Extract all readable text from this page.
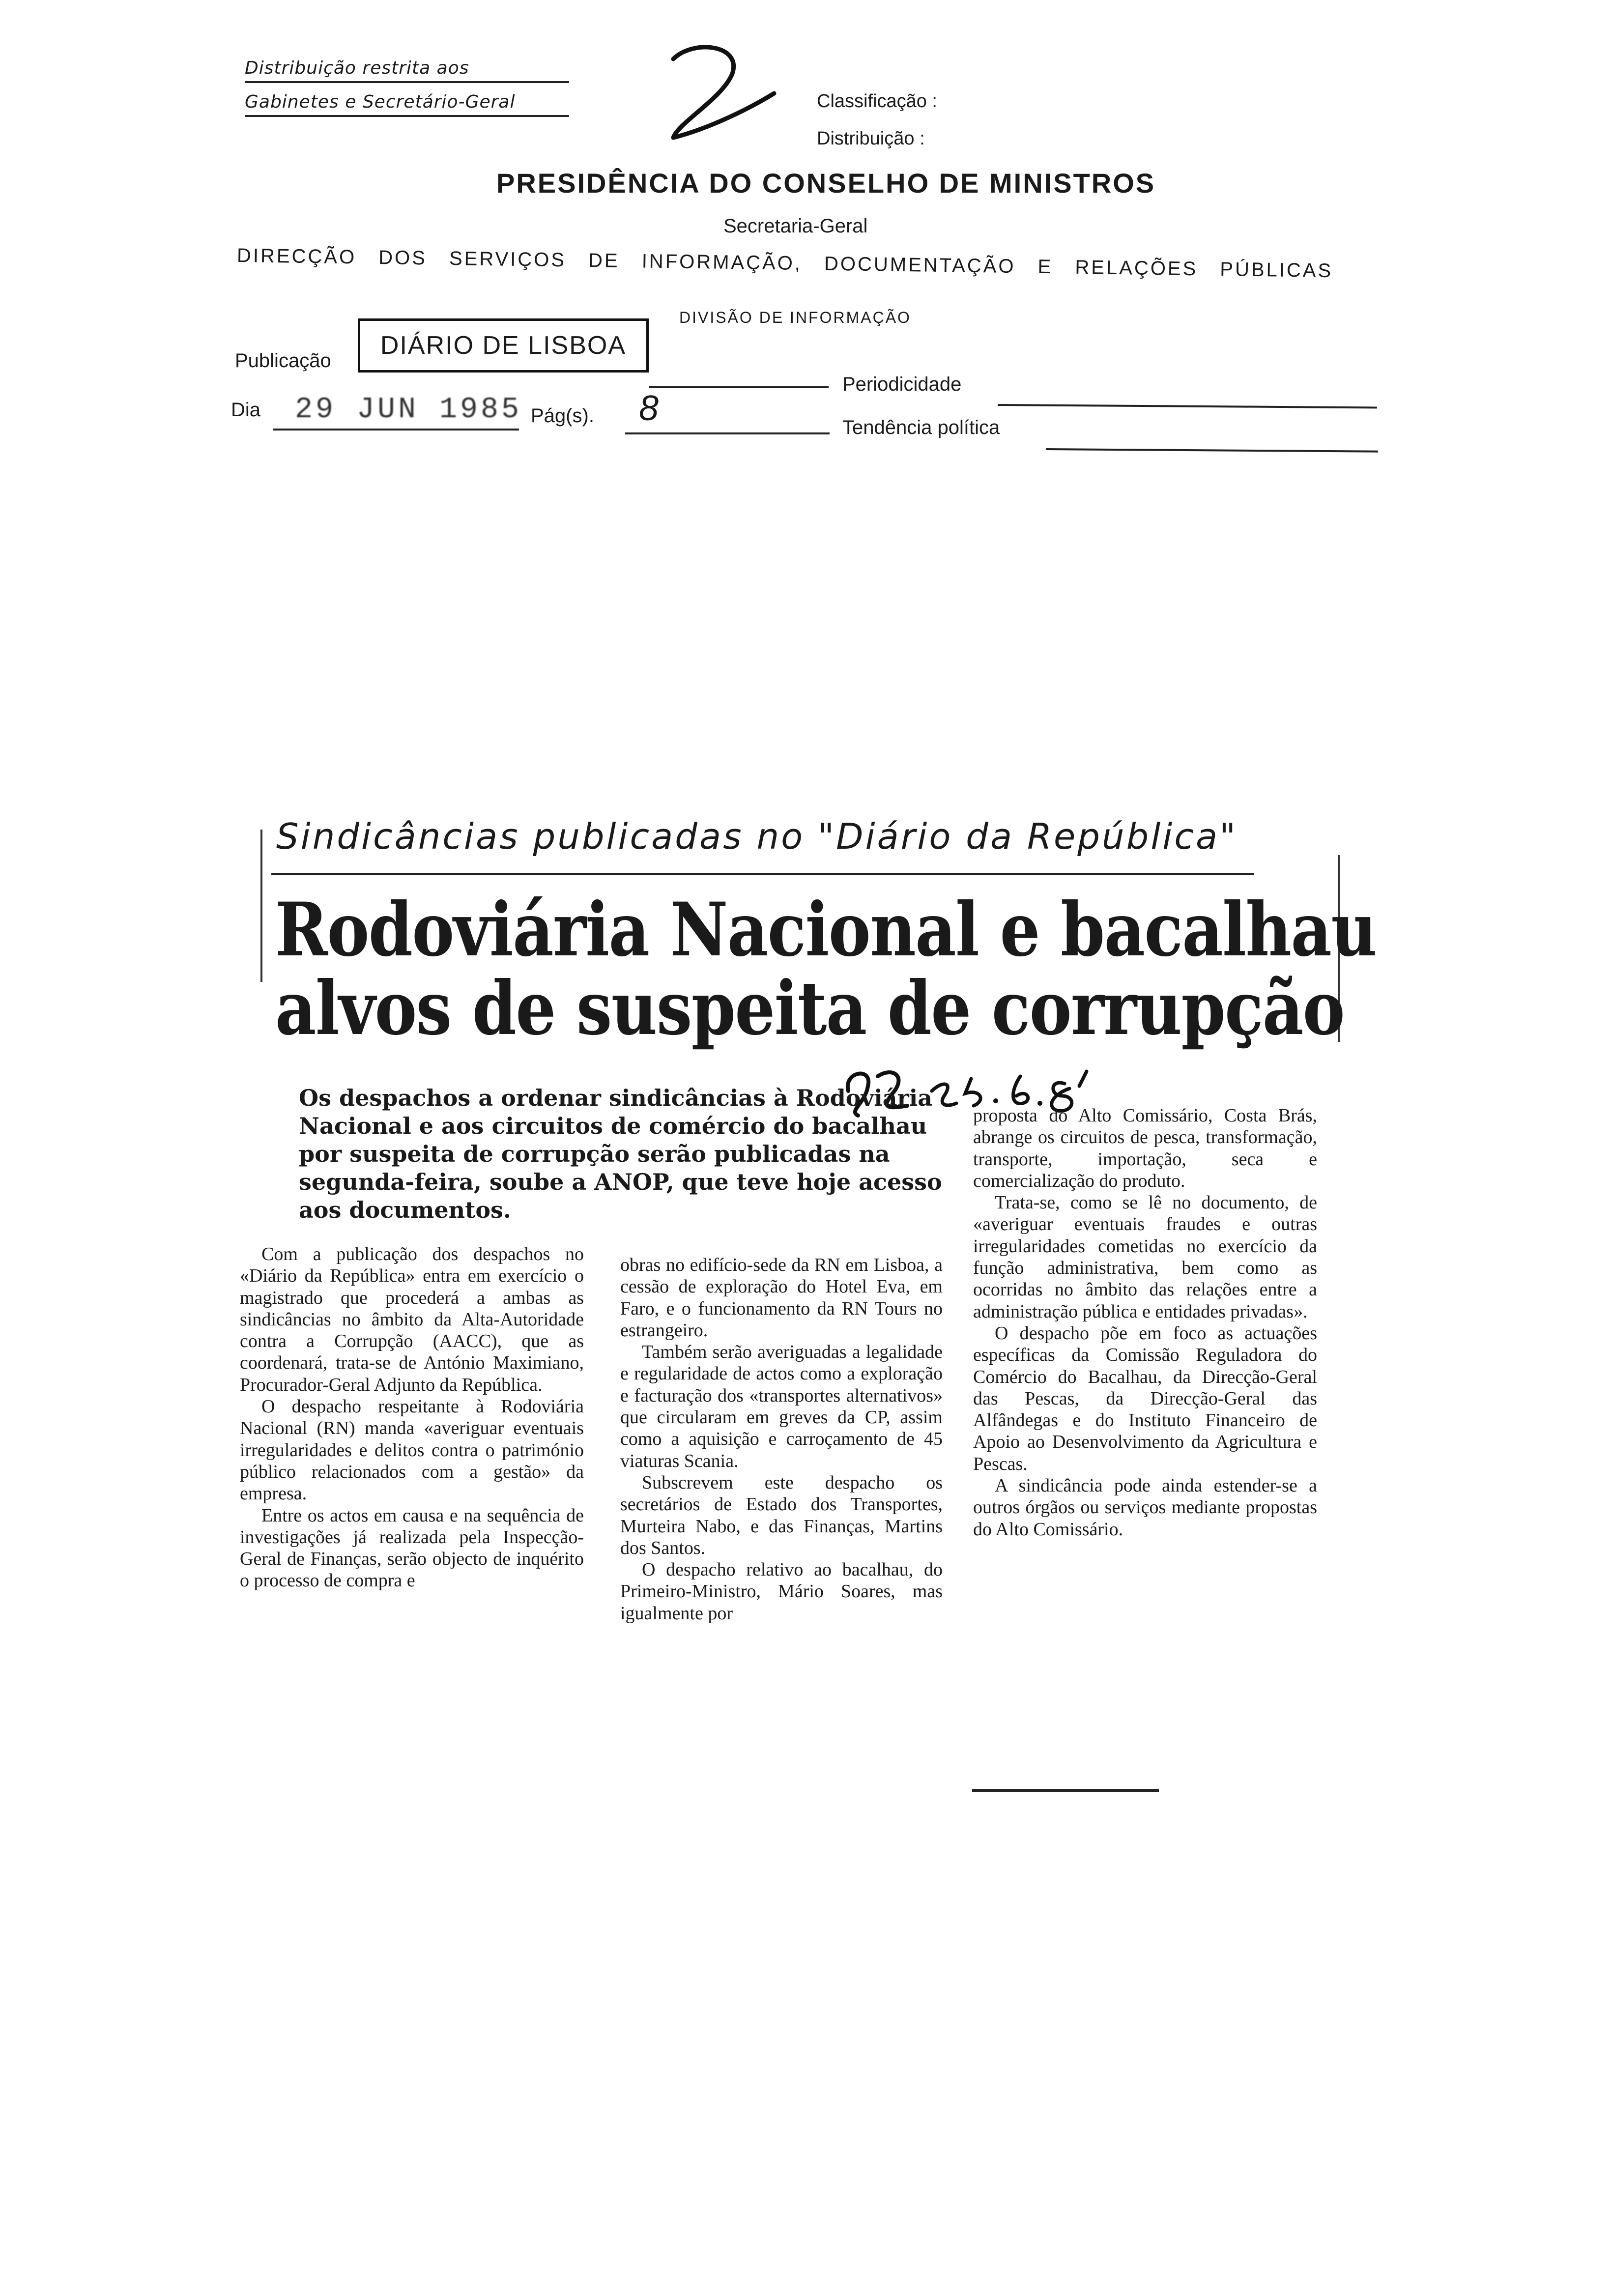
Distribuição restrita aos
Gabinetes e Secretário-Geral	Classificação :
Distribuição :
PRESIDÊNCIA DO CONSELHO DE MINISTROS
Secretaria-Geral
DIRECÇÃO DOS SERVIÇOS DE INFORMAÇÃO, DOCUMENTAÇÃO E RELAÇÕES PÚBLICAS
DIVISÃO DE INFORMAÇÃO
Publicação
DIÁRIO DE LISBOA
Periodicidade
Dia 29 JUN 1985 Pág(s). 8	Tendência política
Sindicâncias publicadas no "Diário da República"
Rodoviária Nacional e bacalhau
alvos de suspeita de corrupção
Os despachos a ordenar sindicâncias à Rodoviária Nacional e aos circuitos de comércio do bacalhau por suspeita de corrupção serão publicadas na segunda-feira, soube a ANOP, que teve hoje acesso aos documentos.

Com a publicação dos despachos no «Diário da República» entra em exercício o magistrado que procederá a ambas as sindicâncias no âmbito da Alta-Autoridade contra a Corrupção (AACC), que as coordenará, trata-se de António Maximiano, Procurador-Geral Adjunto da República.

O despacho respeitante à Rodoviária Nacional (RN) manda «averiguar eventuais irregularidades e delitos contra o património público relacionados com a gestão» da empresa.

Entre os actos em causa e na sequência de investigações já realizada pela Inspecção-Geral de Finanças, serão objecto de inquérito o processo de compra e

obras no edifício-sede da RN em Lisboa, a cessão de exploração do Hotel Eva, em Faro, e o funcionamento da RN Tours no estrangeiro.

Também serão averiguadas a legalidade e regularidade de actos como a exploração e facturação dos «transportes alternativos» que circularam em greves da CP, assim como a aquisição e carroçamento de 45 viaturas Scania.

Subscrevem este despacho os secretários de Estado dos Transportes, Murteira Nabo, e das Finanças, Martins dos Santos.

O despacho relativo ao bacalhau, do Primeiro-Ministro, Mário Soares, mas igualmente por

proposta do Alto Comissário, Costa Brás, abrange os circuitos de pesca, transformação, transporte, importação, seca e comercialização do produto.

Trata-se, como se lê no documento, de «averiguar eventuais fraudes e outras irregularidades cometidas no exercício da função administrativa, bem como as ocorridas no âmbito das relações entre a administração pública e entidades privadas».

O despacho põe em foco as actuações específicas da Comissão Reguladora do Comércio do Bacalhau, da Direcção-Geral das Pescas, da Direcção-Geral das Alfândegas e do Instituto Financeiro de Apoio ao Desenvolvimento da Agricultura e Pescas.

A sindicância pode ainda estender-se a outros órgãos ou serviços mediante propostas do Alto Comissário.
